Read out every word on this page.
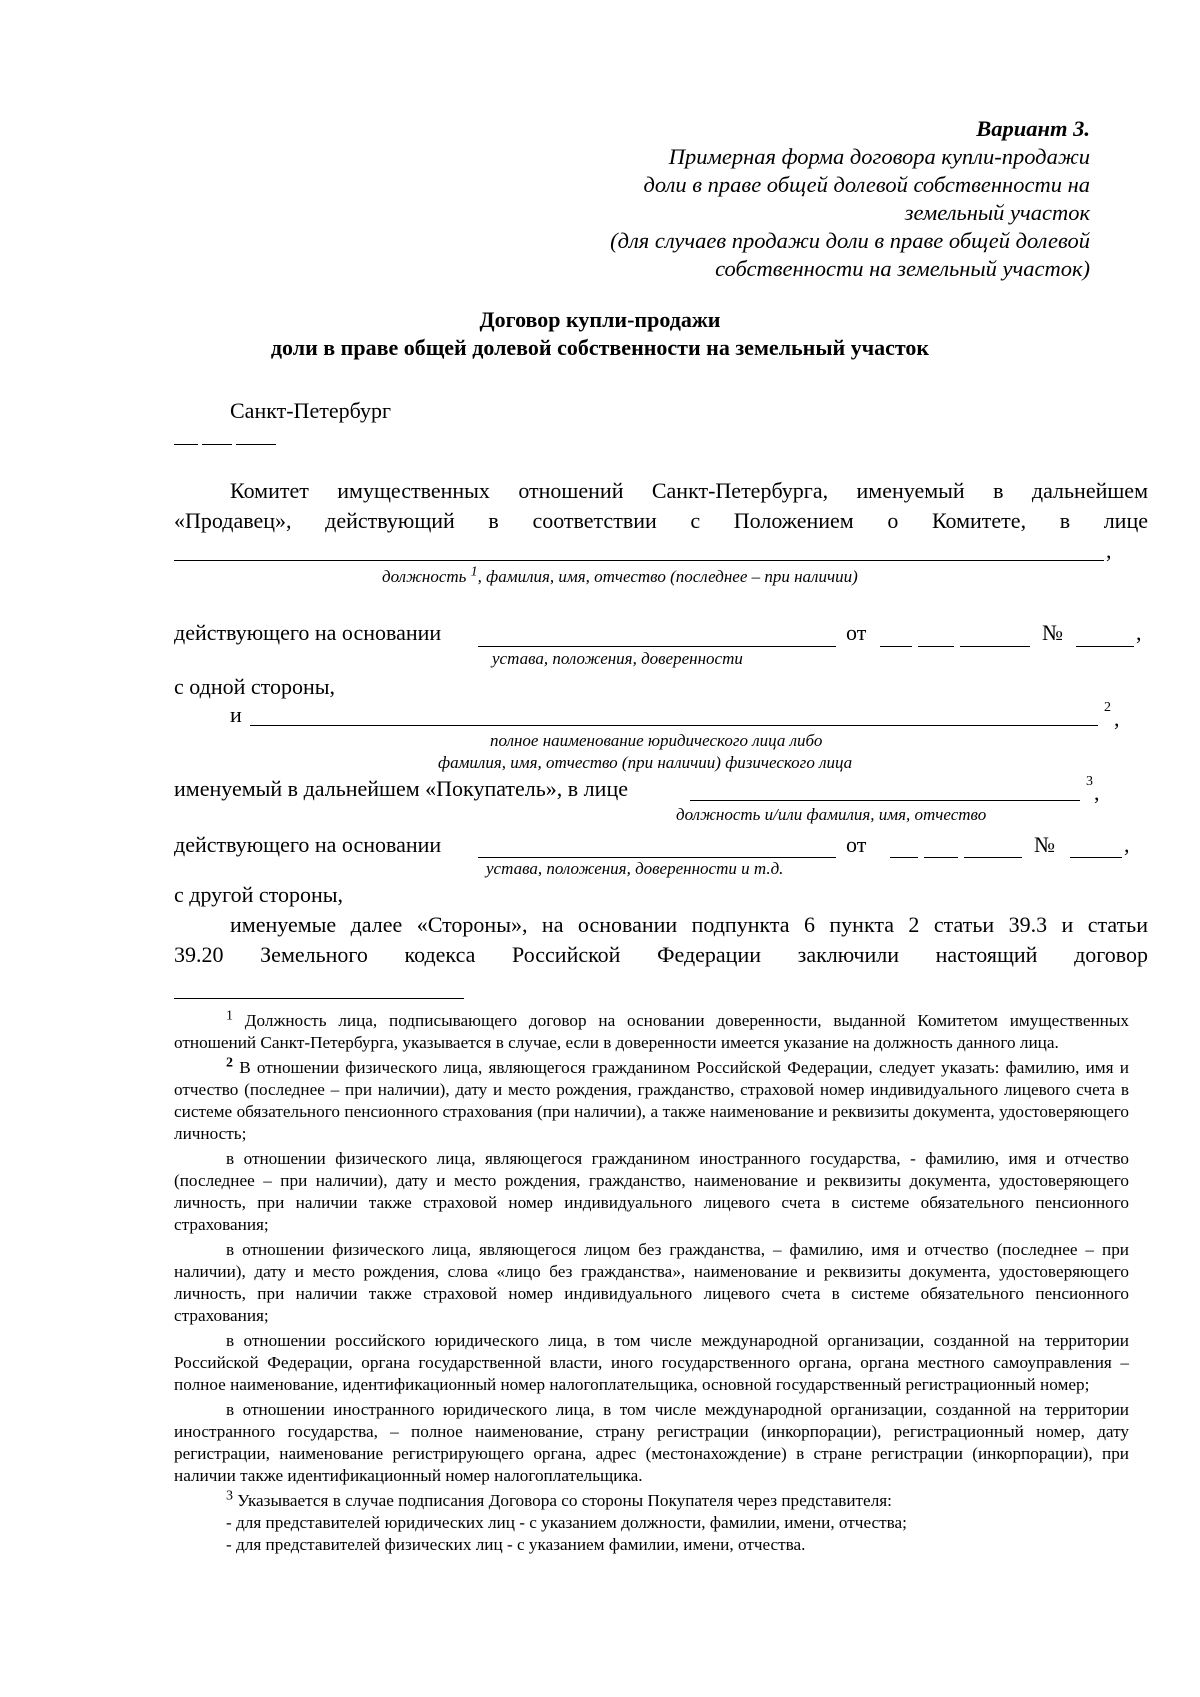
Вариант 3.
Примерная форма договора купли-продажи
доли в праве общей долевой собственности на
земельный участок
(для случаев продажи доли в праве общей долевой
собственности на земельный участок)
Договор купли-продажи
доли в праве общей долевой собственности на земельный участок
Санкт-Петербург
Комитет имущественных отношений Санкт-Петербурга, именуемый в дальнейшем
«Продавец», действующий в соответствии с Положением о Комитете, в лице
,
должность $^1$, фамилия, имя, отчество (последнее – при наличии)
действующего на основании	от	№	,
устава, положения, доверенности
с одной стороны,
и	2 ,
полное наименование юридического лица либо
фамилия, имя, отчество (при наличии) физического лица
именуемый в дальнейшем «Покупатель», в лице	3 ,
должность и/или фамилия, имя, отчество
действующего на основании	от	№	,
устава, положения, доверенности и т.д.
с другой стороны,
именуемые далее «Стороны», на основании подпункта 6 пункта 2 статьи 39.3 и статьи
39.20 Земельного кодекса Российской Федерации заключили настоящий договор

$^1$ Должность лица, подписывающего договор на основании доверенности, выданной Комитетом имущественных отношений Санкт-Петербурга, указывается в случае, если в доверенности имеется указание на должность данного лица.

$^2$ В отношении физического лица, являющегося гражданином Российской Федерации, следует указать: фамилию, имя и отчество (последнее – при наличии), дату и место рождения, гражданство, страховой номер индивидуального лицевого счета в системе обязательного пенсионного страхования (при наличии), а также наименование и реквизиты документа, удостоверяющего личность;

в отношении физического лица, являющегося гражданином иностранного государства, - фамилию, имя и отчество (последнее – при наличии), дату и место рождения, гражданство, наименование и реквизиты документа, удостоверяющего личность, при наличии также страховой номер индивидуального лицевого счета в системе обязательного пенсионного страхования;

в отношении физического лица, являющегося лицом без гражданства, – фамилию, имя и отчество (последнее – при наличии), дату и место рождения, слова «лицо без гражданства», наименование и реквизиты документа, удостоверяющего личность, при наличии также страховой номер индивидуального лицевого счета в системе обязательного пенсионного страхования;

в отношении российского юридического лица, в том числе международной организации, созданной на территории Российской Федерации, органа государственной власти, иного государственного органа, органа местного самоуправления – полное наименование, идентификационный номер налогоплательщика, основной государственный регистрационный номер;

в отношении иностранного юридического лица, в том числе международной организации, созданной на территории иностранного государства, – полное наименование, страну регистрации (инкорпорации), регистрационный номер, дату регистрации, наименование регистрирующего органа, адрес (местонахождение) в стране регистрации (инкорпорации), при наличии также идентификационный номер налогоплательщика.

$^3$ Указывается в случае подписания Договора со стороны Покупателя через представителя:

- для представителей юридических лиц - с указанием должности, фамилии, имени, отчества;

- для представителей физических лиц - с указанием фамилии, имени, отчества.
